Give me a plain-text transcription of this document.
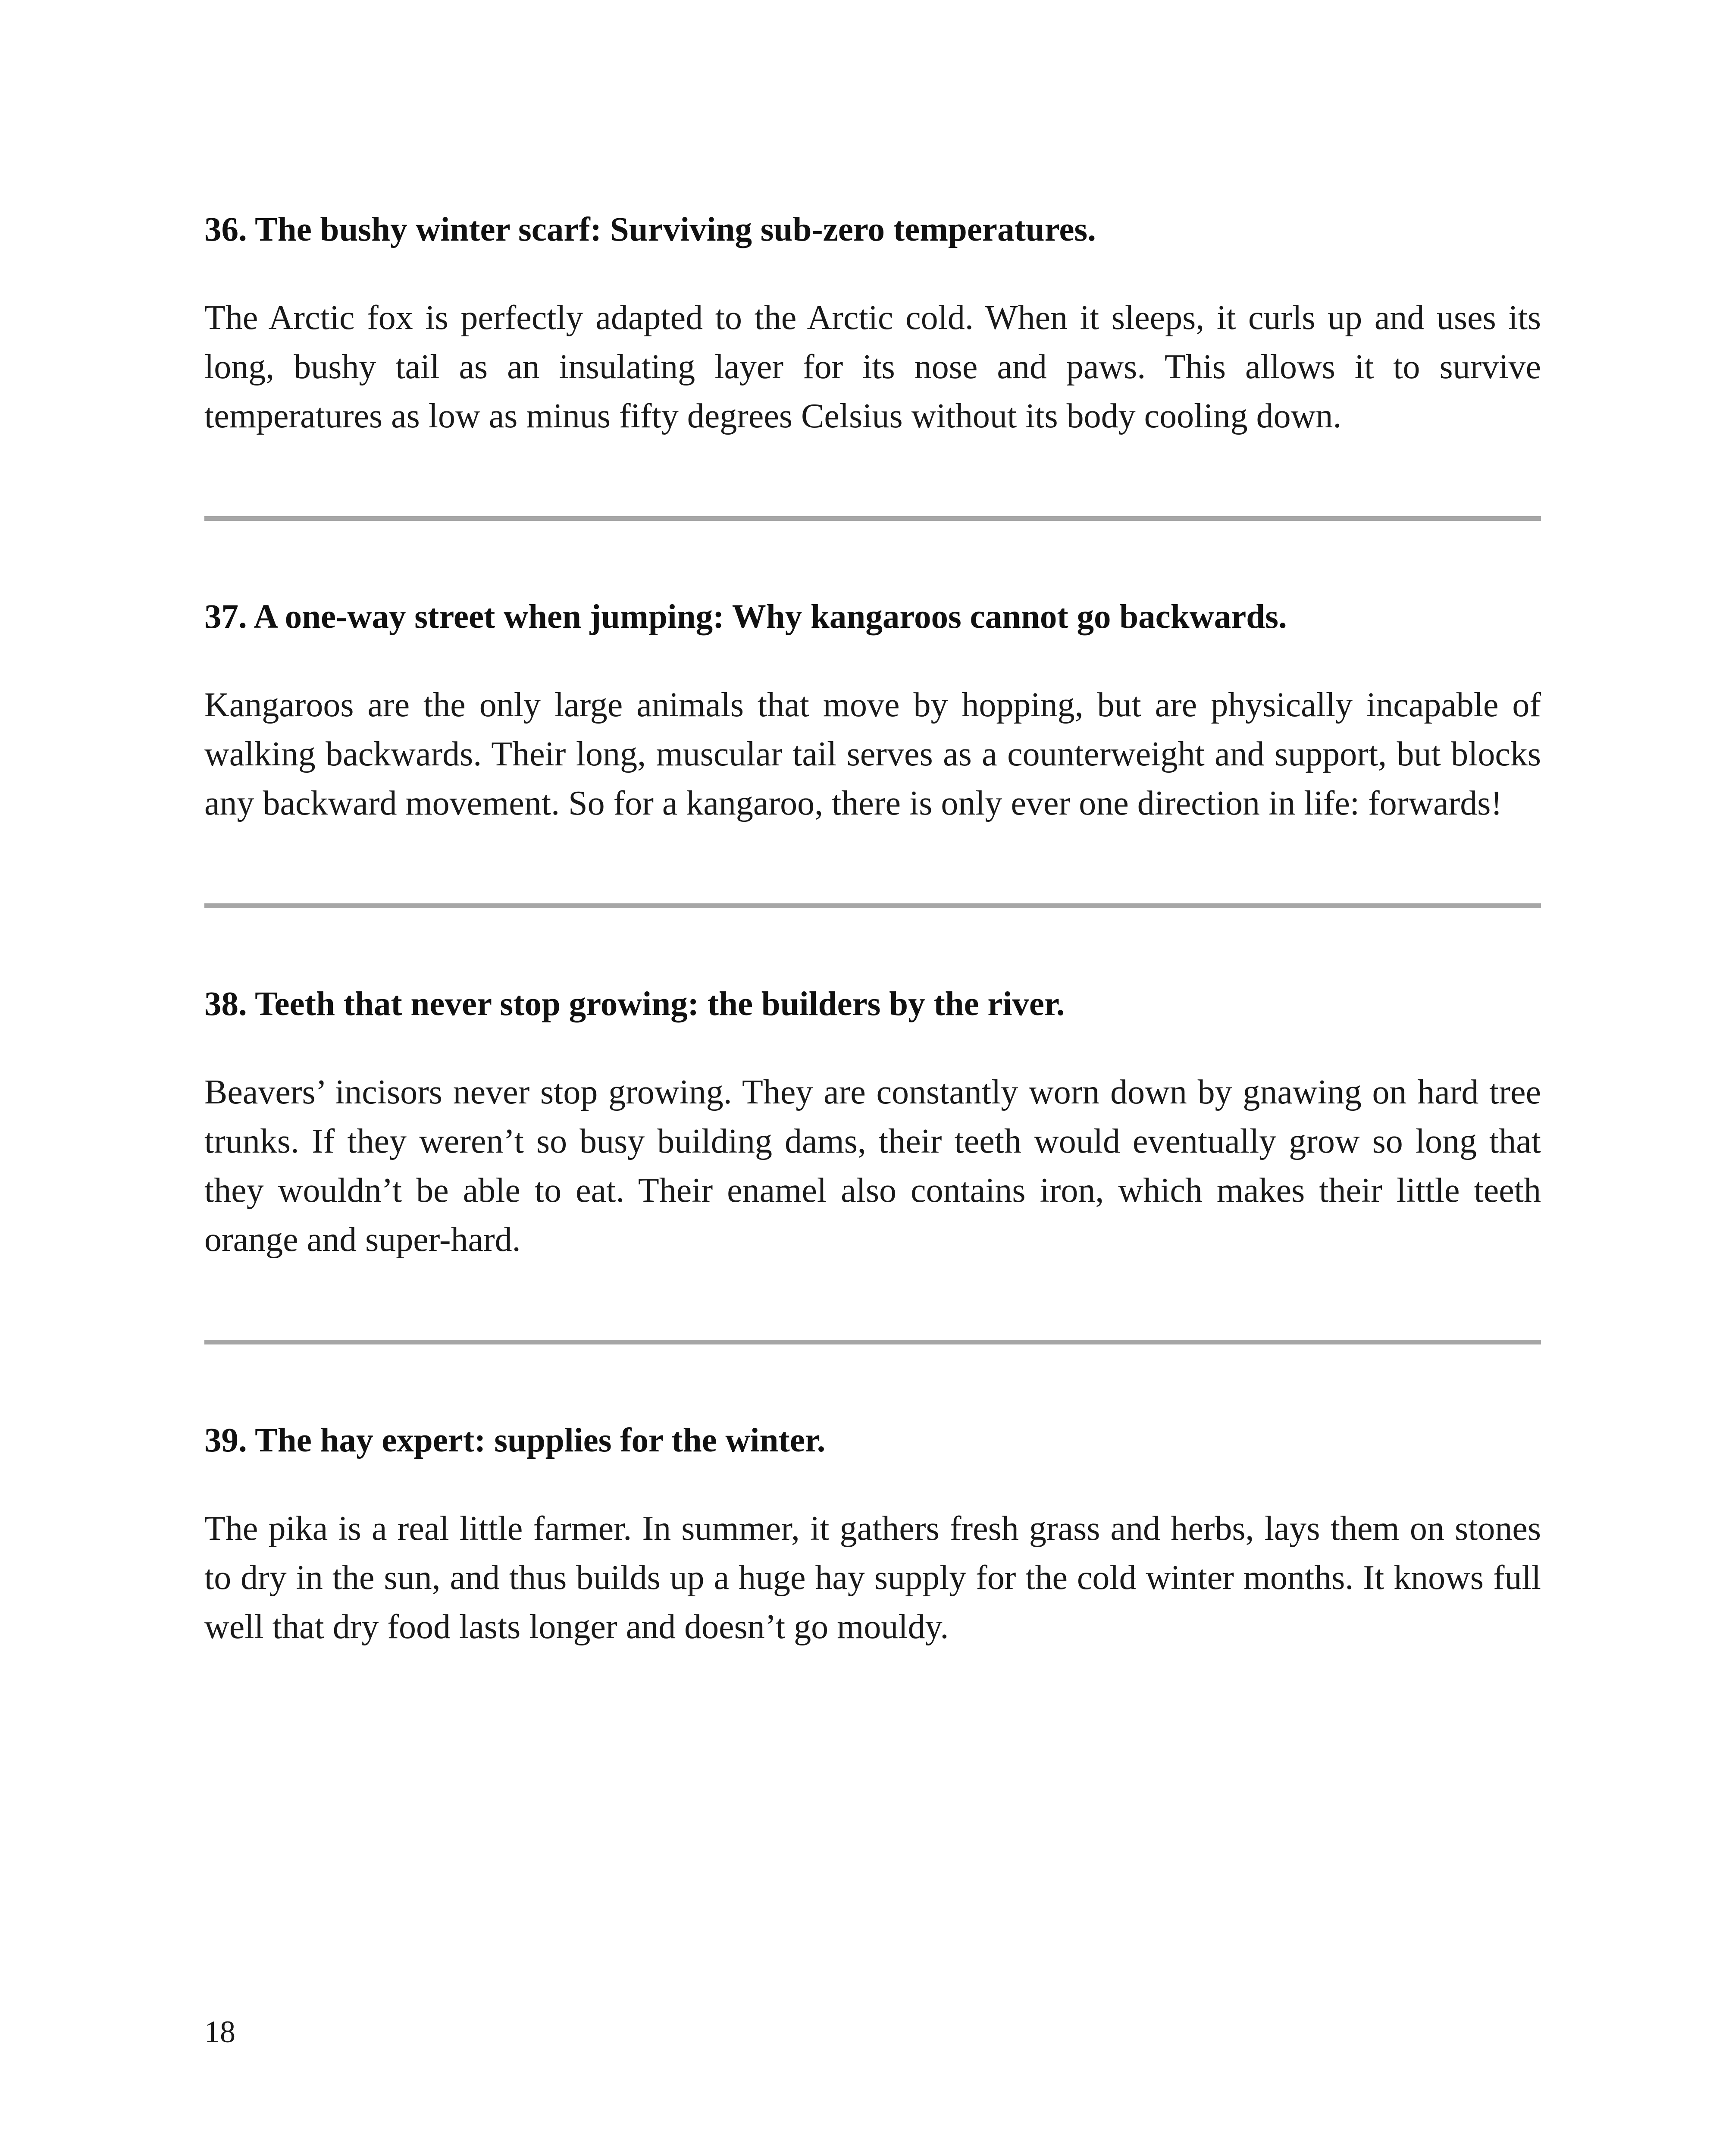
36. The bushy winter scarf: Surviving sub-zero temperatures.

The Arctic fox is perfectly adapted to the Arctic cold. When it sleeps, it curls up and uses its long, bushy tail as an insulating layer for its nose and paws. This allows it to survive temperatures as low as minus fifty degrees Celsius without its body cooling down.

37. A one-way street when jumping: Why kangaroos cannot go backwards.

Kangaroos are the only large animals that move by hopping, but are physically incapable of walking backwards. Their long, muscular tail serves as a counterweight and support, but blocks any backward movement. So for a kangaroo, there is only ever one direction in life: forwards!

38. Teeth that never stop growing: the builders by the river.

Beavers’ incisors never stop growing. They are constantly worn down by gnawing on hard tree trunks. If they weren’t so busy building dams, their teeth would eventually grow so long that they wouldn’t be able to eat. Their enamel also contains iron, which makes their little teeth orange and super-hard.

39. The hay expert: supplies for the winter.

The pika is a real little farmer. In summer, it gathers fresh grass and herbs, lays them on stones to dry in the sun, and thus builds up a huge hay supply for the cold winter months. It knows full well that dry food lasts longer and doesn’t go mouldy.

18
